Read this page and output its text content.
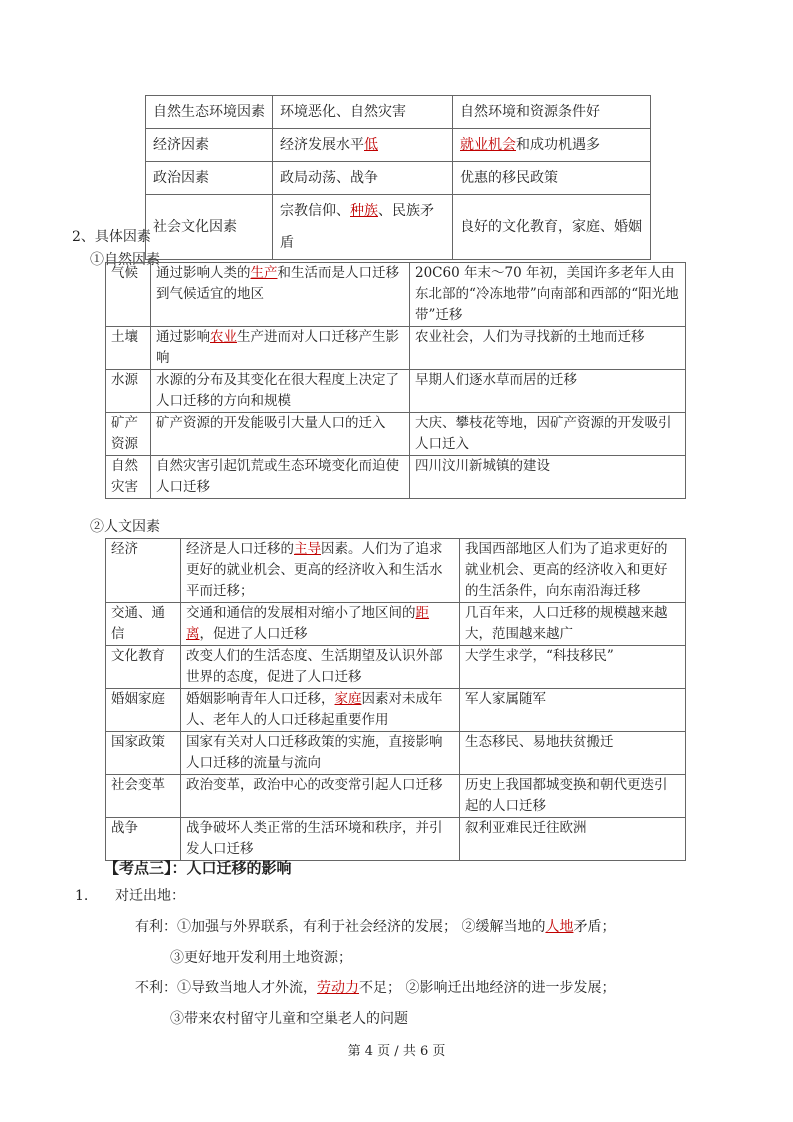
自然生态环境因素	环境恶化、自然灾害	自然环境和资源条件好
经济因素	经济发展水平低	就业机会和成功机遇多
政治因素	政局动荡、战争	优惠的移民政策
社会文化因素	宗教信仰、种族、民族矛盾	良好的文化教育，家庭、婚姻
2、具体因素
①自然因素
气候	通过影响人类的生产和生活而是人口迁移到气候适宜的地区	20C60 年末～70 年初，美国许多老年人由东北部的“冷冻地带”向南部和西部的“阳光地带”迁移
土壤	通过影响农业生产进而对人口迁移产生影响	农业社会，人们为寻找新的土地而迁移
水源	水源的分布及其变化在很大程度上决定了人口迁移的方向和规模	早期人们逐水草而居的迁移
矿产资源	矿产资源的开发能吸引大量人口的迁入	大庆、攀枝花等地，因矿产资源的开发吸引人口迁入
自然灾害	自然灾害引起饥荒或生态环境变化而迫使人口迁移	四川汶川新城镇的建设
②人文因素
经济	经济是人口迁移的主导因素。人们为了追求更好的就业机会、更高的经济收入和生活水平而迁移；	我国西部地区人们为了追求更好的就业机会、更高的经济收入和更好的生活条件，向东南沿海迁移
交通、通信	交通和通信的发展相对缩小了地区间的距离，促进了人口迁移	几百年来，人口迁移的规模越来越大，范围越来越广
文化教育	改变人们的生活态度、生活期望及认识外部世界的态度，促进了人口迁移	大学生求学，“科技移民”
婚姻家庭	婚姻影响青年人口迁移，家庭因素对未成年人、老年人的人口迁移起重要作用	军人家属随军
国家政策	国家有关对人口迁移政策的实施，直接影响人口迁移的流量与流向	生态移民、易地扶贫搬迁
社会变革	政治变革，政治中心的改变常引起人口迁移	历史上我国都城变换和朝代更迭引起的人口迁移
战争	战争破坏人类正常的生活环境和秩序，并引发人口迁移	叙利亚难民迁往欧洲
【考点三】：人口迁移的影响
1.      对迁出地：
有利：①加强与外界联系，有利于社会经济的发展； ②缓解当地的人地矛盾；
③更好地开发利用土地资源；
不利：①导致当地人才外流，劳动力不足； ②影响迁出地经济的进一步发展；
③带来农村留守儿童和空巢老人的问题
第 4 页 / 共 6 页
